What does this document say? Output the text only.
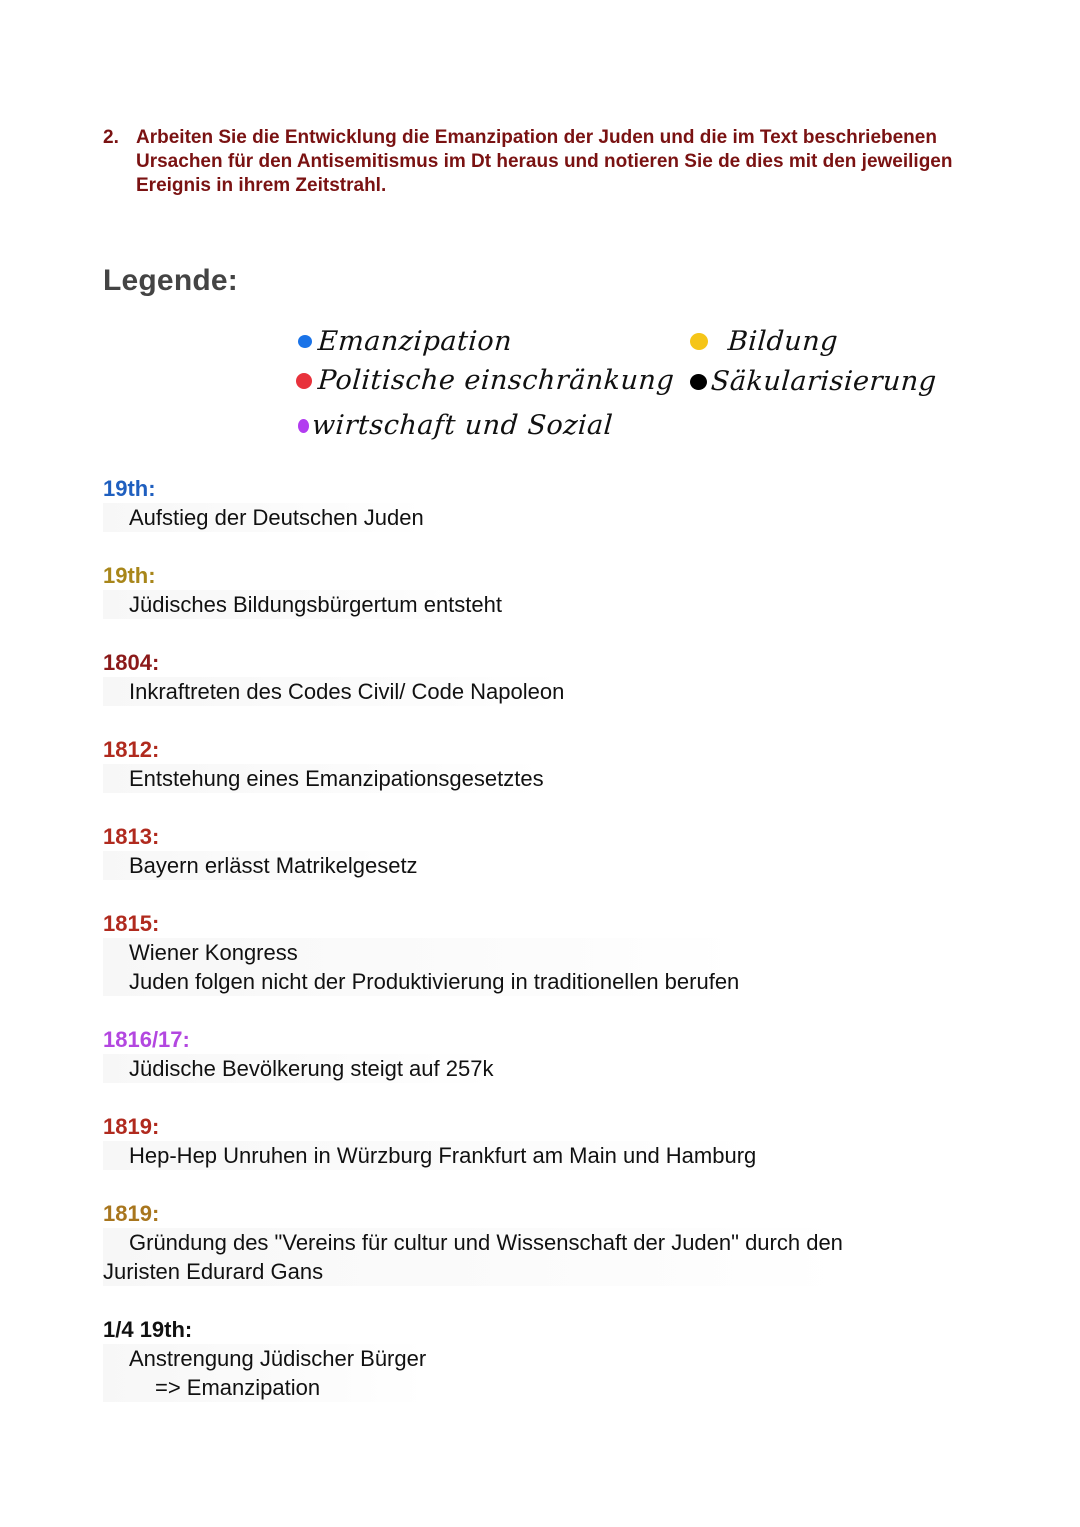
2. Arbeiten Sie die Entwicklung die Emanzipation der Juden und die im Text beschriebenen Ursachen für den Antisemitismus im Dt heraus und notieren Sie de dies mit den jeweiligen Ereignis in ihrem Zeitstrahl.
Legende:
Emanzipation
Politische einschränkung
wirtschaft und Sozial
Bildung
Säkularisierung
19th:
Aufstieg der Deutschen Juden
19th:
Jüdisches Bildungsbürgertum entsteht
1804:
Inkraftreten des Codes Civil/ Code Napoleon
1812:
Entstehung eines Emanzipationsgesetztes
1813:
Bayern erlässt Matrikelgesetz
1815:
Wiener Kongress
Juden folgen nicht der Produktivierung in traditionellen berufen
1816/17:
Jüdische Bevölkerung steigt auf 257k
1819:
Hep-Hep Unruhen in Würzburg Frankfurt am Main und Hamburg
1819:
Gründung des "Vereins für cultur und Wissenschaft der Juden" durch den
Juristen Edurard Gans
1/4 19th:
Anstrengung Jüdischer Bürger
=> Emanzipation
